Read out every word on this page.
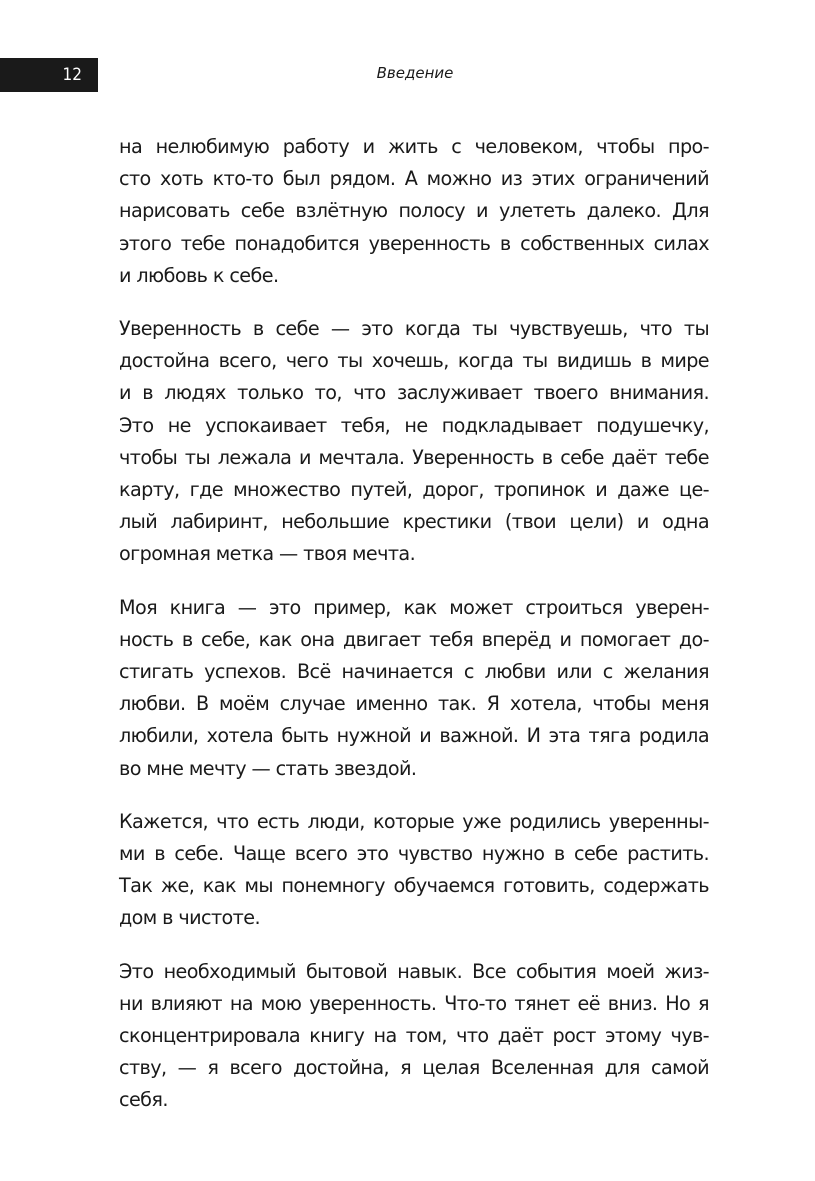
12	Введение

на нелюбимую работу и жить с человеком, чтобы про-
сто хоть кто-то был рядом. А можно из этих ограничений
нарисовать себе взлётную полосу и улететь далеко. Для
этого тебе понадобится уверенность в собственных силах
и любовь к себе.

Уверенность в себе — это когда ты чувствуешь, что ты
достойна всего, чего ты хочешь, когда ты видишь в мире
и в людях только то, что заслуживает твоего внимания.
Это не успокаивает тебя, не подкладывает подушечку,
чтобы ты лежала и мечтала. Уверенность в себе даёт тебе
карту, где множество путей, дорог, тропинок и даже це-
лый лабиринт, небольшие крестики (твои цели) и одна
огромная метка — твоя мечта.

Моя книга — это пример, как может строиться уверен-
ность в себе, как она двигает тебя вперёд и помогает до-
стигать успехов. Всё начинается с любви или с желания
любви. В моём случае именно так. Я хотела, чтобы меня
любили, хотела быть нужной и важной. И эта тяга родила
во мне мечту — стать звездой.

Кажется, что есть люди, которые уже родились уверенны-
ми в себе. Чаще всего это чувство нужно в себе растить.
Так же, как мы понемногу обучаемся готовить, содержать
дом в чистоте.

Это необходимый бытовой навык. Все события моей жиз-
ни влияют на мою уверенность. Что-то тянет её вниз. Но я
сконцентрировала книгу на том, что даёт рост этому чув-
ству, — я всего достойна, я целая Вселенная для самой
себя.
